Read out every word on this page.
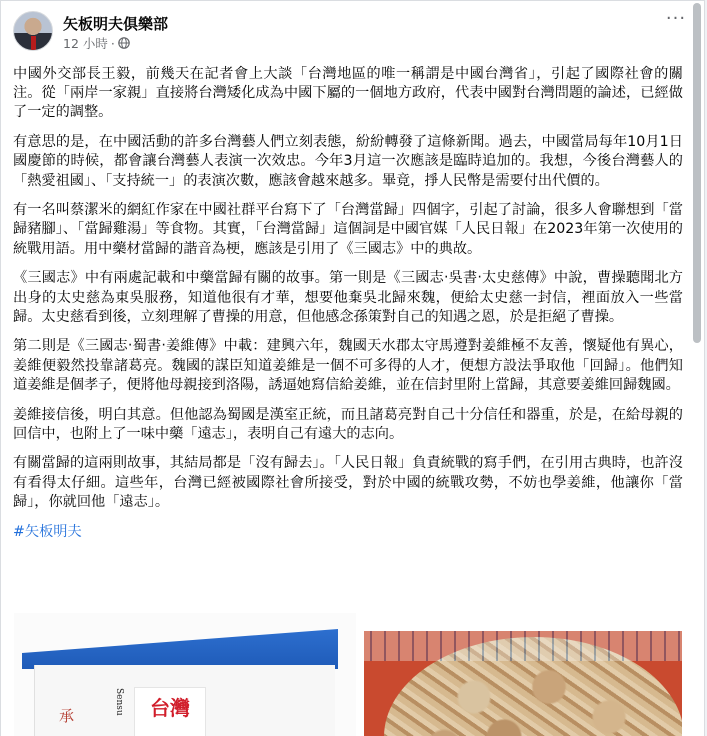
矢板明夫俱樂部
12 小時 ·
···

中國外交部長王毅，前幾天在記者會上大談「台灣地區的唯一稱謂是中國台灣省」，引起了國際社會的關注。從「兩岸一家親」直接將台灣矮化成為中國下屬的一個地方政府，代表中國對台灣問題的論述，已經做了一定的調整。

有意思的是，在中國活動的許多台灣藝人們立刻表態，紛紛轉發了這條新聞。過去，中國當局每年10月1日國慶節的時候，都會讓台灣藝人表演一次效忠。今年3月這一次應該是臨時追加的。我想，今後台灣藝人的「熱愛祖國」、「支持統一」的表演次數，應該會越來越多。畢竟，掙人民幣是需要付出代價的。

有一名叫蔡潔米的網紅作家在中國社群平台寫下了「台灣當歸」四個字，引起了討論，很多人會聯想到「當歸豬腳」、「當歸雞湯」等食物。其實，「台灣當歸」這個詞是中國官媒「人民日報」在2023年第一次使用的統戰用語。用中藥材當歸的諧音為梗，應該是引用了《三國志》中的典故。

《三國志》中有兩處記載和中藥當歸有關的故事。第一則是《三國志‧吳書‧太史慈傳》中說，曹操聽聞北方出身的太史慈為東吳服務，知道他很有才華，想要他棄吳北歸來魏，便給太史慈一封信，裡面放入一些當歸。太史慈看到後，立刻理解了曹操的用意，但他感念孫策對自己的知遇之恩，於是拒絕了曹操。

第二則是《三國志‧蜀書‧姜維傳》中載：建興六年，魏國天水郡太守馬遵對姜維極不友善，懷疑他有異心，姜維便毅然投靠諸葛亮。魏國的謀臣知道姜維是一個不可多得的人才，便想方設法爭取他「回歸」。他們知道姜維是個孝子，便將他母親接到洛陽，誘逼她寫信給姜維，並在信封里附上當歸，其意要姜維回歸魏國。

姜維接信後，明白其意。但他認為蜀國是漢室正統，而且諸葛亮對自己十分信任和器重，於是，在給母親的回信中，也附上了一味中藥「遠志」，表明自己有遠大的志向。

有關當歸的這兩則故事，其結局都是「沒有歸去」。「人民日報」負責統戰的寫手們，在引用古典時，也許沒有看得太仔細。這些年，台灣已經被國際社會所接受，對於中國的統戰攻勢，不妨也學姜維，他讓你「當歸」，你就回他「遠志」。

#矢板明夫

承
Sensu	台灣
